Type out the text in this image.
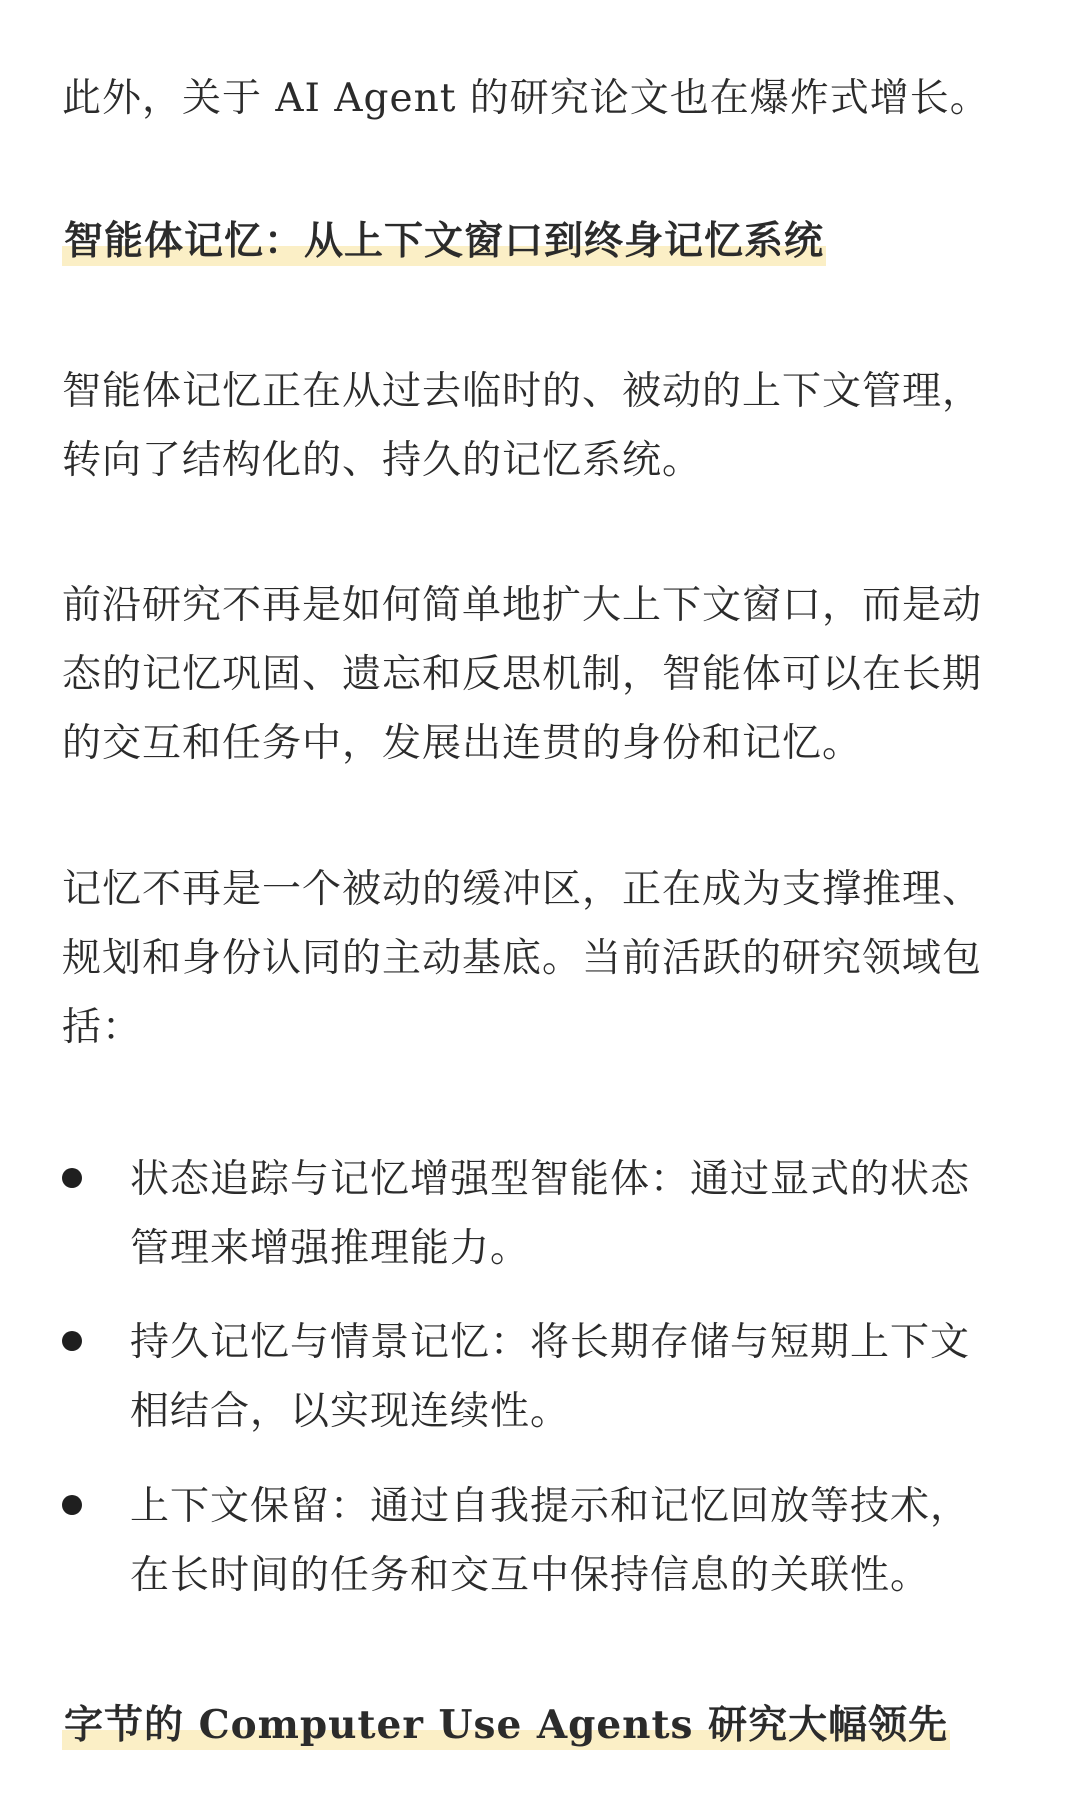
此外，关于 AI Agent 的研究论文也在爆炸式增长。
智能体记忆：从上下文窗口到终身记忆系统
智能体记忆正在从过去临时的、被动的上下文管理，
转向了结构化的、持久的记忆系统。
前沿研究不再是如何简单地扩大上下文窗口，而是动
态的记忆巩固、遗忘和反思机制，智能体可以在长期
的交互和任务中，发展出连贯的身份和记忆。
记忆不再是一个被动的缓冲区，正在成为支撑推理、
规划和身份认同的主动基底。当前活跃的研究领域包
括：
状态追踪与记忆增强型智能体：通过显式的状态
管理来增强推理能力。
持久记忆与情景记忆：将长期存储与短期上下文
相结合，以实现连续性。
上下文保留：通过自我提示和记忆回放等技术，
在长时间的任务和交互中保持信息的关联性。
字节的 Computer Use Agents 研究大幅领先
